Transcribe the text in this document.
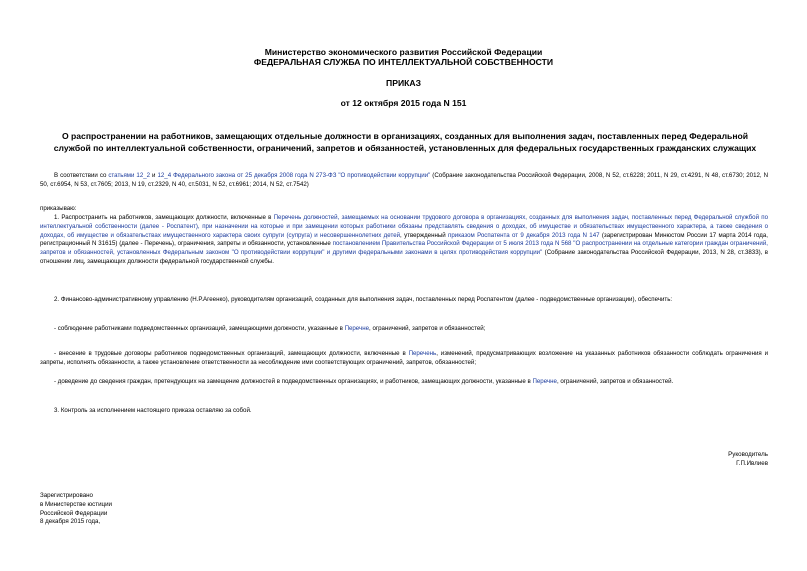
Министерство экономического развития Российской Федерации
ФЕДЕРАЛЬНАЯ СЛУЖБА ПО ИНТЕЛЛЕКТУАЛЬНОЙ СОБСТВЕННОСТИ
ПРИКАЗ
от 12 октября 2015 года N 151
О распространении на работников, замещающих отдельные должности в организациях, созданных для выполнения задач, поставленных перед Федеральной
службой по интеллектуальной собственности, ограничений, запретов и обязанностей, установленных для федеральных государственных гражданских служащих
В соответствии со статьями 12_2 и 12_4 Федерального закона от 25 декабря 2008 года N 273-ФЗ "О противодействии коррупции" (Собрание законодательства Российской Федерации, 2008, N 52, ст.6228; 2011, N 29, ст.4291, N 48, ст.6730; 2012, N 50, ст.6954, N 53, ст.7605; 2013, N 19, ст.2329, N 40, ст.5031, N 52, ст.6961; 2014, N 52, ст.7542)
приказываю:
1. Распространить на работников, замещающих должности, включенные в Перечень должностей, замещаемых на основании трудового договора в организациях, созданных для выполнения задач, поставленных перед Федеральной службой по интеллектуальной собственности (далее - Роспатент), при назначении на которые и при замещении которых работники обязаны представлять сведения о доходах, об имуществе и обязательствах имущественного характера, а также сведения о доходах, об имуществе и обязательствах имущественного характера своих супруги (супруга) и несовершеннолетних детей, утвержденный приказом Роспатента от 9 декабря 2013 года N 147 (зарегистрирован Минюстом России 17 марта 2014 года, регистрационный N 31615) (далее - Перечень), ограничения, запреты и обязанности, установленные постановлением Правительства Российской Федерации от 5 июля 2013 года N 568 "О распространении на отдельные категории граждан ограничений, запретов и обязанностей, установленных Федеральным законом "О противодействии коррупции" и другими федеральными законами в целях противодействия коррупции" (Собрание законодательства Российской Федерации, 2013, N 28, ст.3833), в отношении лиц, замещающих должности федеральной государственной службы.
2. Финансово-административному управлению (Н.Р.Агеенко), руководителям организаций, созданных для выполнения задач, поставленных перед Роспатентом (далее - подведомственные организации), обеспечить:
- соблюдение работниками подведомственных организаций, замещающими должности, указанные в Перечне, ограничений, запретов и обязанностей;
- внесение в трудовые договоры работников подведомственных организаций, замещающих должности, включенные в Перечень, изменений, предусматривающих возложение на указанных работников обязанности соблюдать ограничения и запреты, исполнять обязанности, а также установление ответственности за несоблюдение ими соответствующих ограничений, запретов, обязанностей;
- доведение до сведения граждан, претендующих на замещение должностей в подведомственных организациях, и работников, замещающих должности, указанные в Перечне, ограничений, запретов и обязанностей.
3. Контроль за исполнением настоящего приказа оставляю за собой.
Руководитель
Г.П.Ивлиев
Зарегистрировано
в Министерстве юстиции
Российской Федерации
8 декабря 2015 года,
